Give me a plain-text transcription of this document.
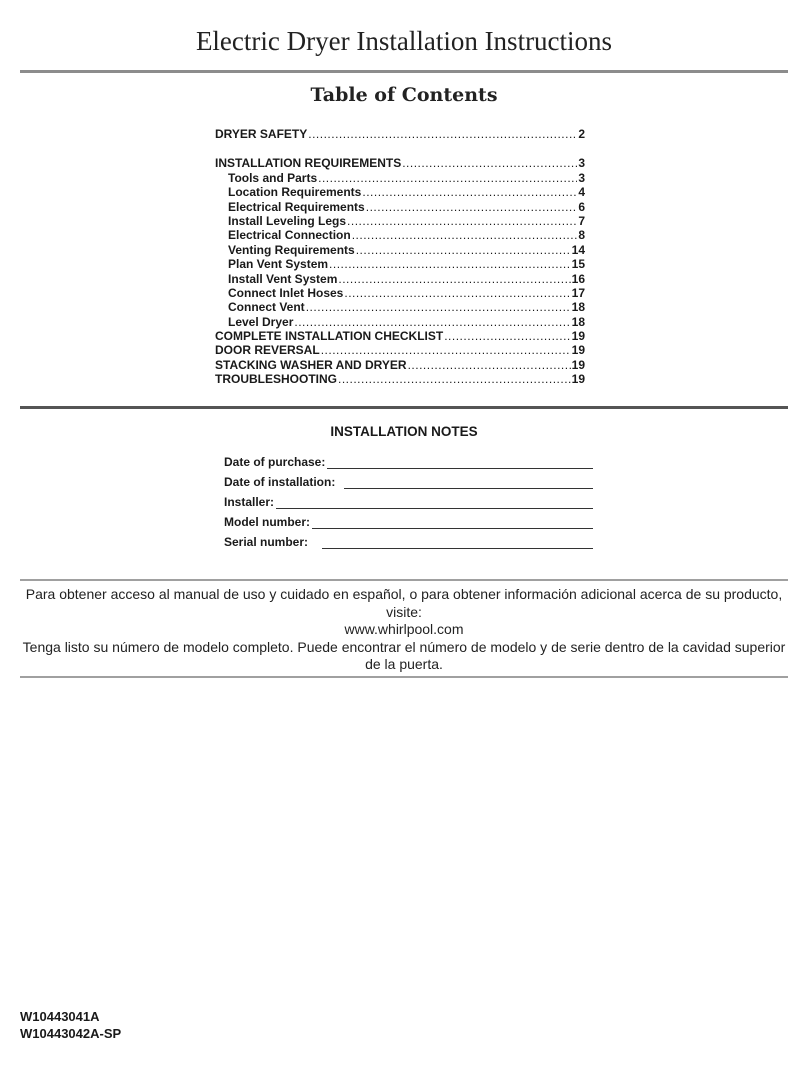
Electric Dryer Installation Instructions
Table of Contents
DRYER SAFETY .....	2
INSTALLATION REQUIREMENTS .....	3
Tools and Parts .....	3
Location Requirements .....	4
Electrical Requirements .....	6
Install Leveling Legs .....	7
Electrical Connection .....	8
Venting Requirements .....	14
Plan Vent System .....	15
Install Vent System .....	16
Connect Inlet Hoses .....	17
Connect Vent .....	18
Level Dryer .....	18
COMPLETE INSTALLATION CHECKLIST .....	19
DOOR REVERSAL .....	19
STACKING WASHER AND DRYER .....	19
TROUBLESHOOTING .....	19
INSTALLATION NOTES
Date of purchase:
Date of installation:
Installer:
Model number:
Serial number:
Para obtener acceso al manual de uso y cuidado en español, o para obtener información adicional acerca de su producto, visite:
www.whirlpool.com
Tenga listo su número de modelo completo. Puede encontrar el número de modelo y de serie dentro de la cavidad superior de la puerta.
W10443041A
W10443042A-SP
